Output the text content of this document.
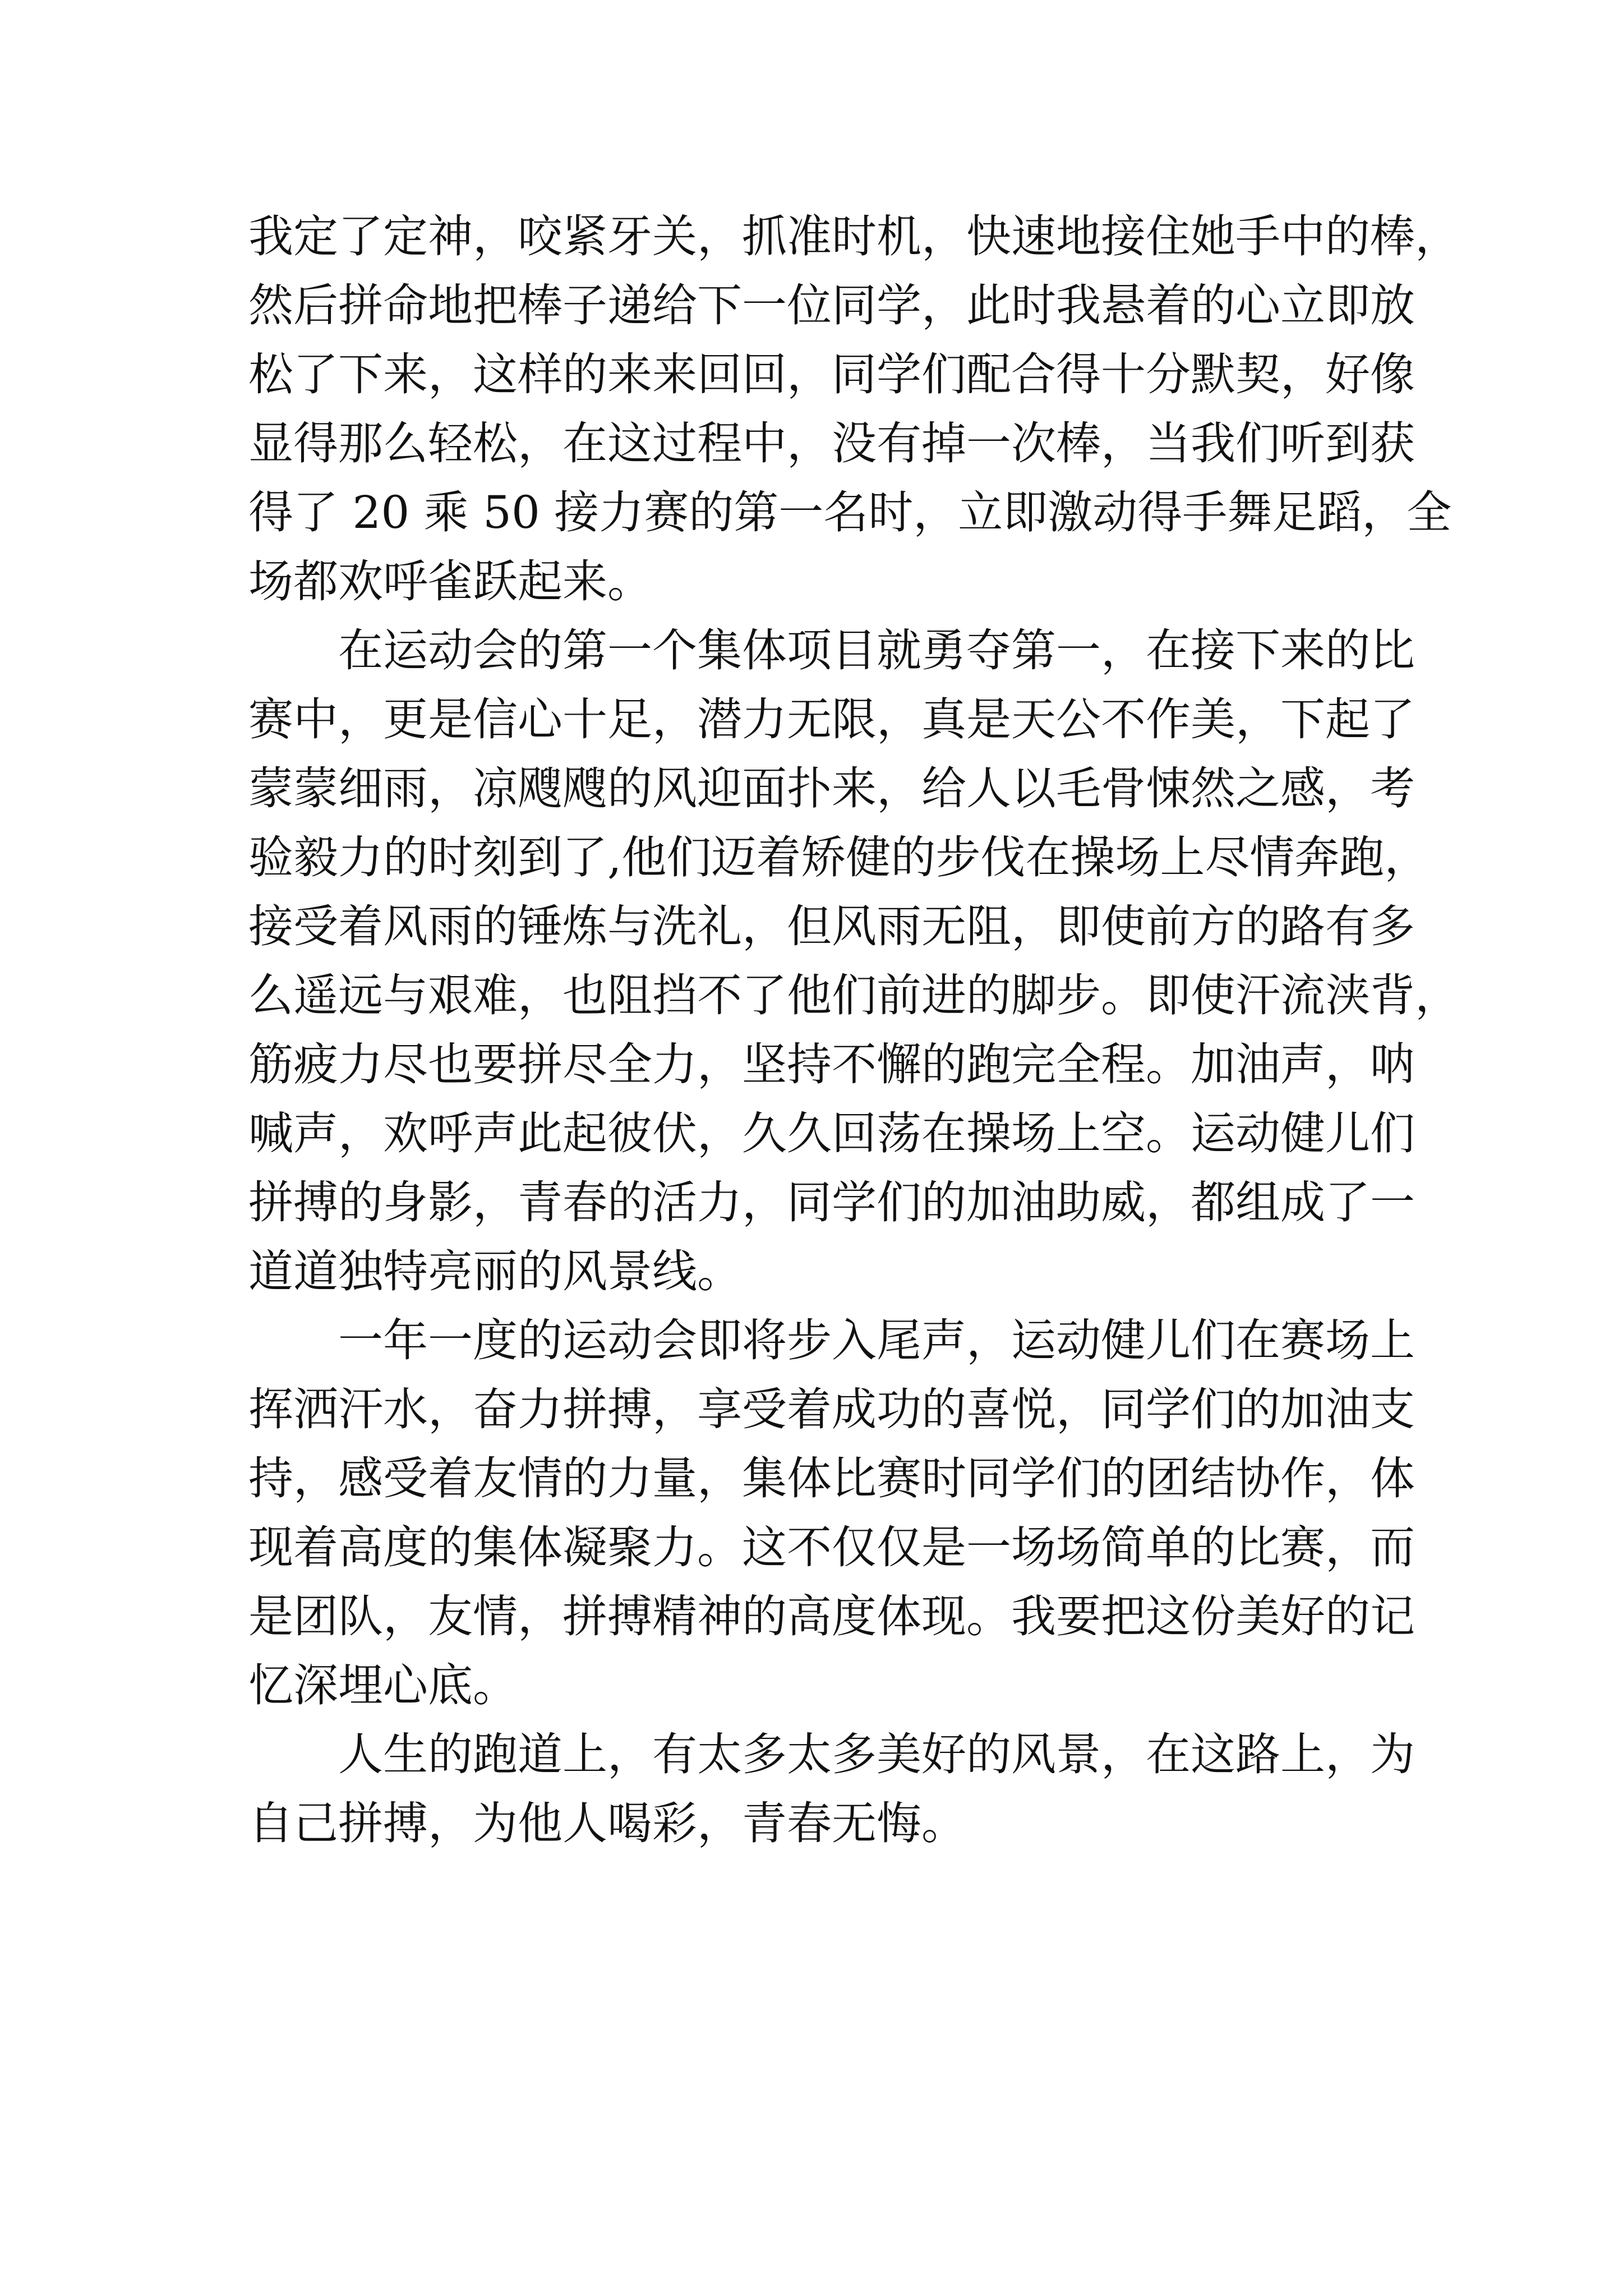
我定了定神，咬紧牙关，抓准时机，快速地接住她手中的棒，
然后拼命地把棒子递给下一位同学，此时我悬着的心立即放
松了下来，这样的来来回回，同学们配合得十分默契，好像
显得那么轻松，在这过程中，没有掉一次棒，当我们听到获
得了 20 乘 50 接力赛的第一名时，立即激动得手舞足蹈，全
场都欢呼雀跃起来。
在运动会的第一个集体项目就勇夺第一，在接下来的比
赛中，更是信心十足，潜力无限，真是天公不作美，下起了
蒙蒙细雨，凉飕飕的风迎面扑来，给人以毛骨悚然之感，考
验毅力的时刻到了,他们迈着矫健的步伐在操场上尽情奔跑，
接受着风雨的锤炼与洗礼，但风雨无阻，即使前方的路有多
么遥远与艰难，也阻挡不了他们前进的脚步。即使汗流浃背，
筋疲力尽也要拼尽全力，坚持不懈的跑完全程。加油声，呐
喊声，欢呼声此起彼伏，久久回荡在操场上空。运动健儿们
拼搏的身影，青春的活力，同学们的加油助威，都组成了一
道道独特亮丽的风景线。
一年一度的运动会即将步入尾声，运动健儿们在赛场上
挥洒汗水，奋力拼搏，享受着成功的喜悦，同学们的加油支
持，感受着友情的力量，集体比赛时同学们的团结协作，体
现着高度的集体凝聚力。这不仅仅是一场场简单的比赛，而
是团队，友情，拼搏精神的高度体现。我要把这份美好的记
忆深埋心底。
人生的跑道上，有太多太多美好的风景，在这路上，为
自己拼搏，为他人喝彩，青春无悔。
